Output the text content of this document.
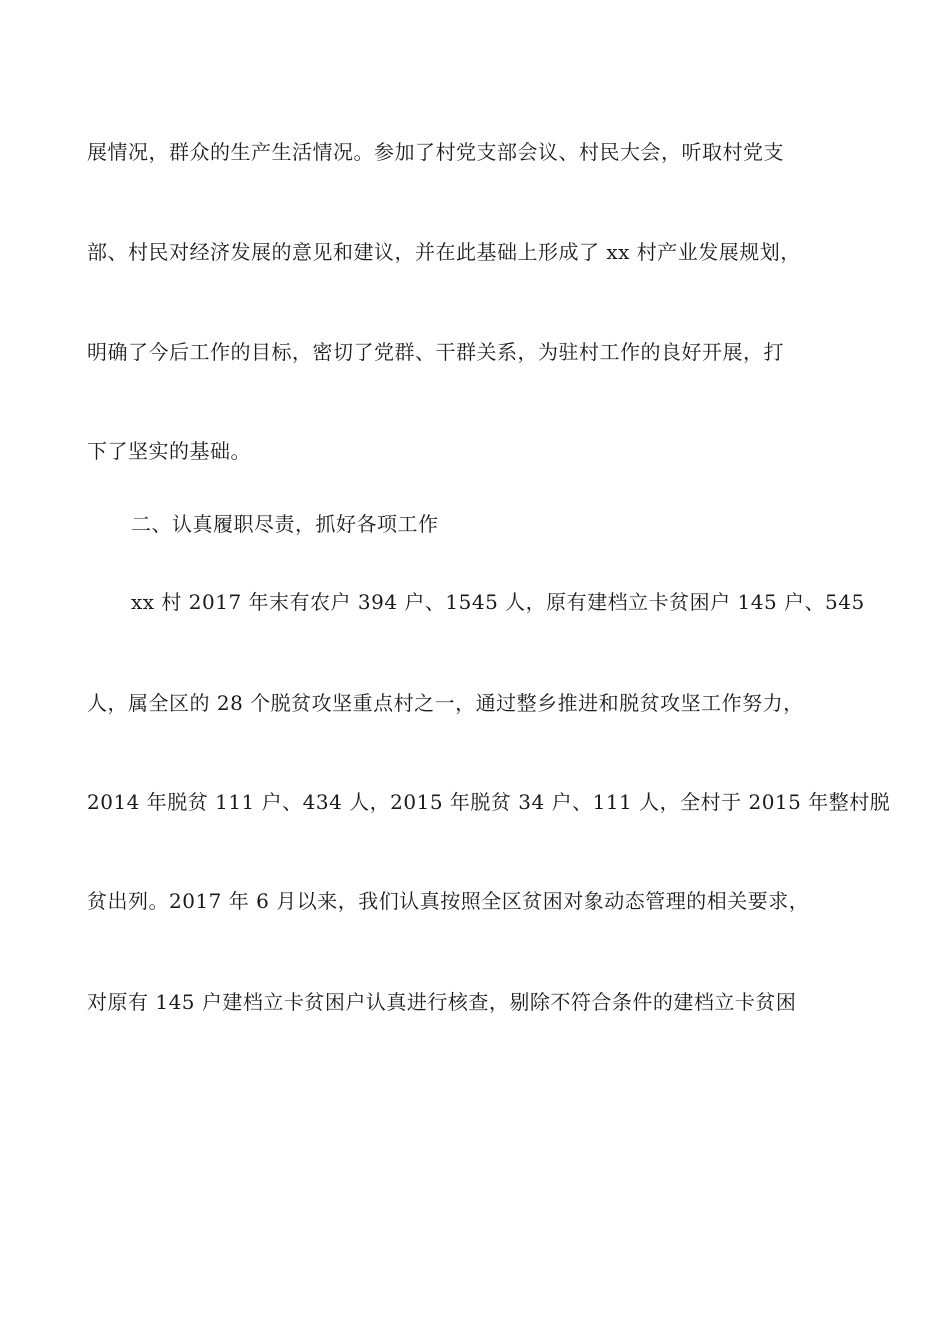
展情况，群众的生产生活情况。参加了村党支部会议、村民大会，听取村党支
部、村民对经济发展的意见和建议，并在此基础上形成了 xx 村产业发展规划，
明确了今后工作的目标，密切了党群、干群关系，为驻村工作的良好开展，打
下了坚实的基础。
二、认真履职尽责，抓好各项工作
xx 村 2017 年末有农户 394 户、1545 人，原有建档立卡贫困户 145 户、545
人，属全区的 28 个脱贫攻坚重点村之一，通过整乡推进和脱贫攻坚工作努力，
2014 年脱贫 111 户、434 人，2015 年脱贫 34 户、111 人，全村于 2015 年整村脱
贫出列。2017 年 6 月以来，我们认真按照全区贫困对象动态管理的相关要求，
对原有 145 户建档立卡贫困户认真进行核查，剔除不符合条件的建档立卡贫困
